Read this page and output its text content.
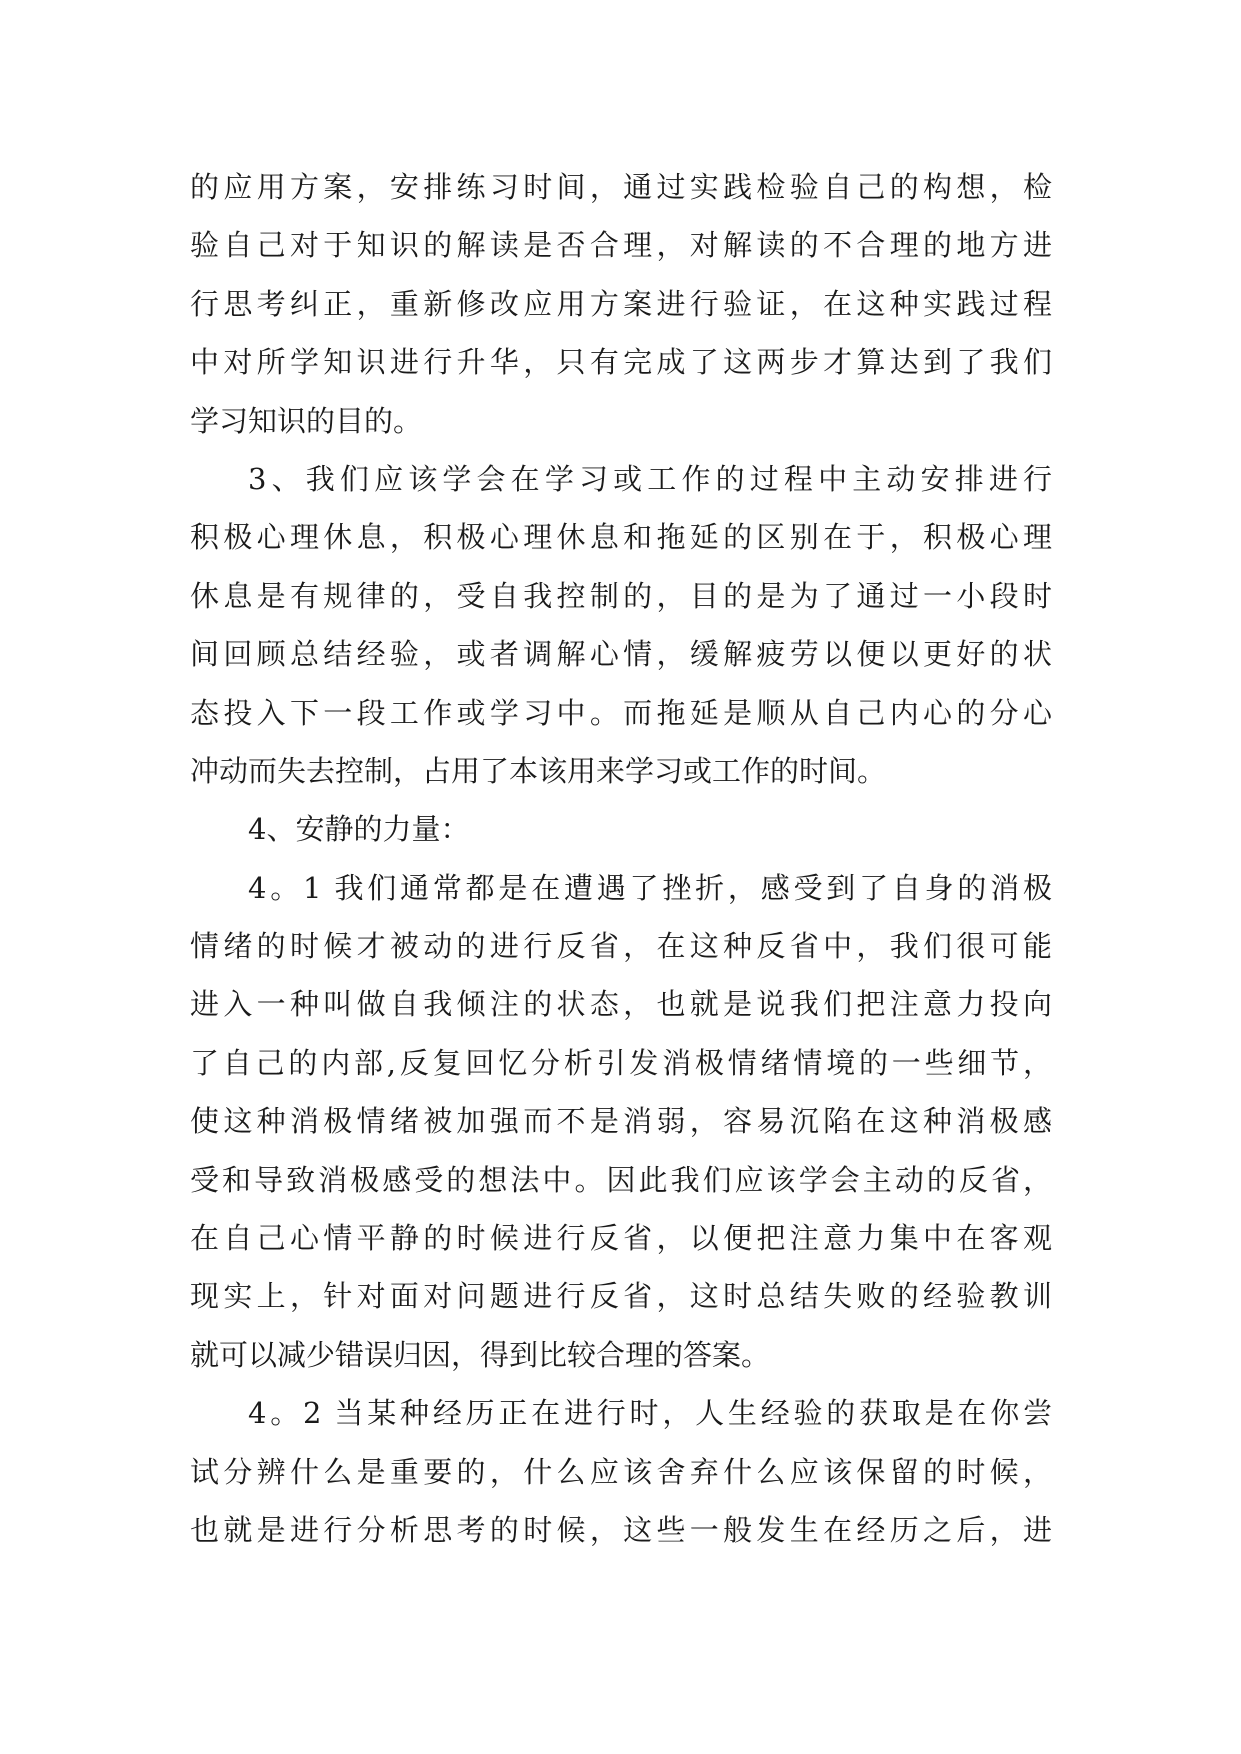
的应用方案，安排练习时间，通过实践检验自己的构想，检
验自己对于知识的解读是否合理，对解读的不合理的地方进
行思考纠正，重新修改应用方案进行验证，在这种实践过程
中对所学知识进行升华，只有完成了这两步才算达到了我们
学习知识的目的。
3、我们应该学会在学习或工作的过程中主动安排进行
积极心理休息，积极心理休息和拖延的区别在于，积极心理
休息是有规律的，受自我控制的，目的是为了通过一小段时
间回顾总结经验，或者调解心情，缓解疲劳以便以更好的状
态投入下一段工作或学习中。而拖延是顺从自己内心的分心
冲动而失去控制，占用了本该用来学习或工作的时间。
4、安静的力量：
4。1 我们通常都是在遭遇了挫折，感受到了自身的消极
情绪的时候才被动的进行反省，在这种反省中，我们很可能
进入一种叫做自我倾注的状态，也就是说我们把注意力投向
了自己的内部,反复回忆分析引发消极情绪情境的一些细节，
使这种消极情绪被加强而不是消弱，容易沉陷在这种消极感
受和导致消极感受的想法中。因此我们应该学会主动的反省，
在自己心情平静的时候进行反省，以便把注意力集中在客观
现实上，针对面对问题进行反省，这时总结失败的经验教训
就可以减少错误归因，得到比较合理的答案。
4。2 当某种经历正在进行时，人生经验的获取是在你尝
试分辨什么是重要的，什么应该舍弃什么应该保留的时候，
也就是进行分析思考的时候，这些一般发生在经历之后，进
